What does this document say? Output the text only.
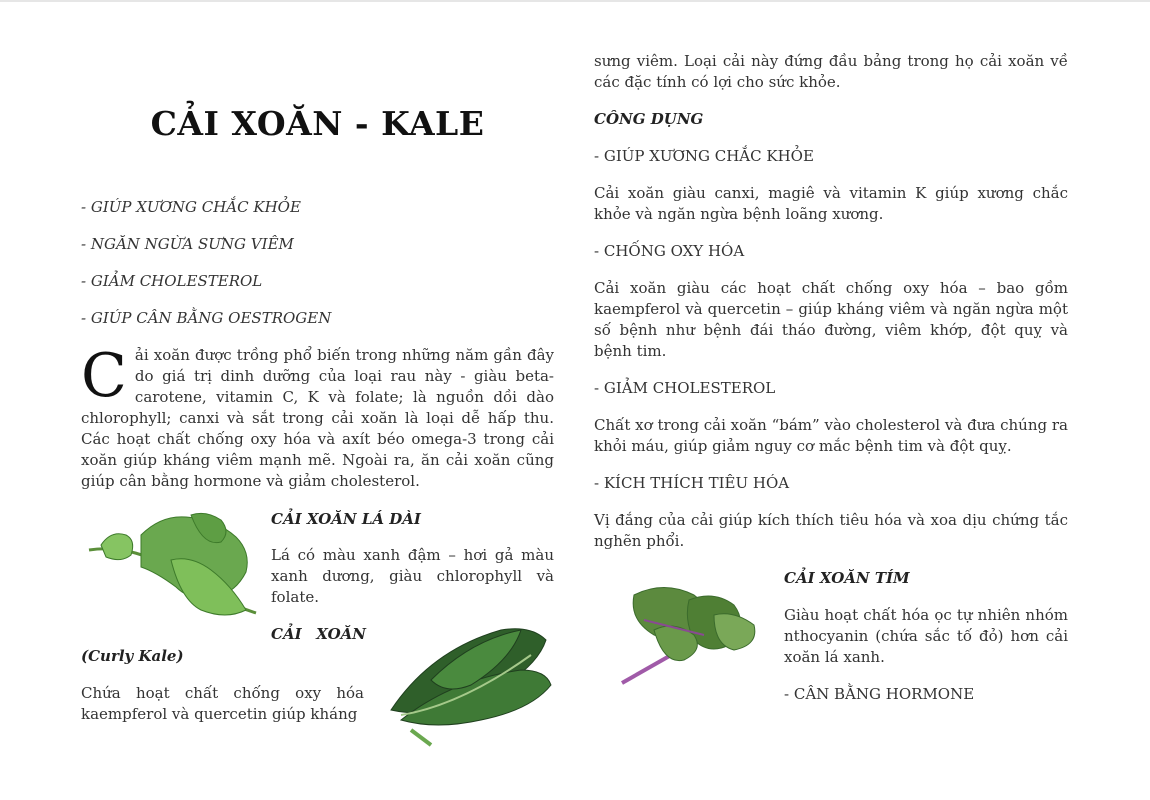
CẢI XOĂN - KALE
- GIÚP XƯƠNG CHẮC KHỎE
- NGĂN NGỪA SƯNG VIÊM
- GIẢM CHOLESTEROL
- GIÚP CÂN BẰNG OESTROGEN

C ải xoăn được trồng phổ biến trong những năm gần đây do giá trị dinh dưỡng của loại rau này - giàu beta-carotene, vitamin C, K và folate; là nguồn dồi dào chlorophyll; canxi và sắt trong cải xoăn là loại dễ hấp thu. Các hoạt chất chống oxy hóa và axít béo omega-3 trong cải xoăn giúp kháng viêm mạnh mẽ. Ngoài ra, ăn cải xoăn cũng giúp cân bằng hormone và giảm cholesterol.

CẢI XOĂN LÁ DÀI

Lá có màu xanh đậm – hơi gả màu xanh dương, giàu chlorophyll và folate.

CẢI XOĂN
(Curly Kale)

Chứa hoạt chất chống oxy hóa kaempferol và quercetin giúp kháng

sưng viêm. Loại cải này đứng đầu bảng trong họ cải xoăn về các đặc tính có lợi cho sức khỏe.

CÔNG DỤNG
- GIÚP XƯƠNG CHẮC KHỎE

Cải xoăn giàu canxi, magiê và vitamin K giúp xương chắc khỏe và ngăn ngừa bệnh loãng xương.

- CHỐNG OXY HÓA

Cải xoăn giàu các hoạt chất chống oxy hóa – bao gồm kaempferol và quercetin – giúp kháng viêm và ngăn ngừa một số bệnh như bệnh đái tháo đường, viêm khớp, đột quỵ và bệnh tim.

- GIẢM CHOLESTEROL

Chất xơ trong cải xoăn “bám” vào cholesterol và đưa chúng ra khỏi máu, giúp giảm nguy cơ mắc bệnh tim và đột quỵ.

- KÍCH THÍCH TIÊU HÓA

Vị đắng của cải giúp kích thích tiêu hóa và xoa dịu chứng tắc nghẽn phổi.

CẢI XOĂN TÍM

Giàu hoạt chất hóa ọc tự nhiên nhóm nthocyanin (chứa sắc tố đỏ) hơn cải xoăn lá xanh.

- CÂN BẰNG HORMONE
